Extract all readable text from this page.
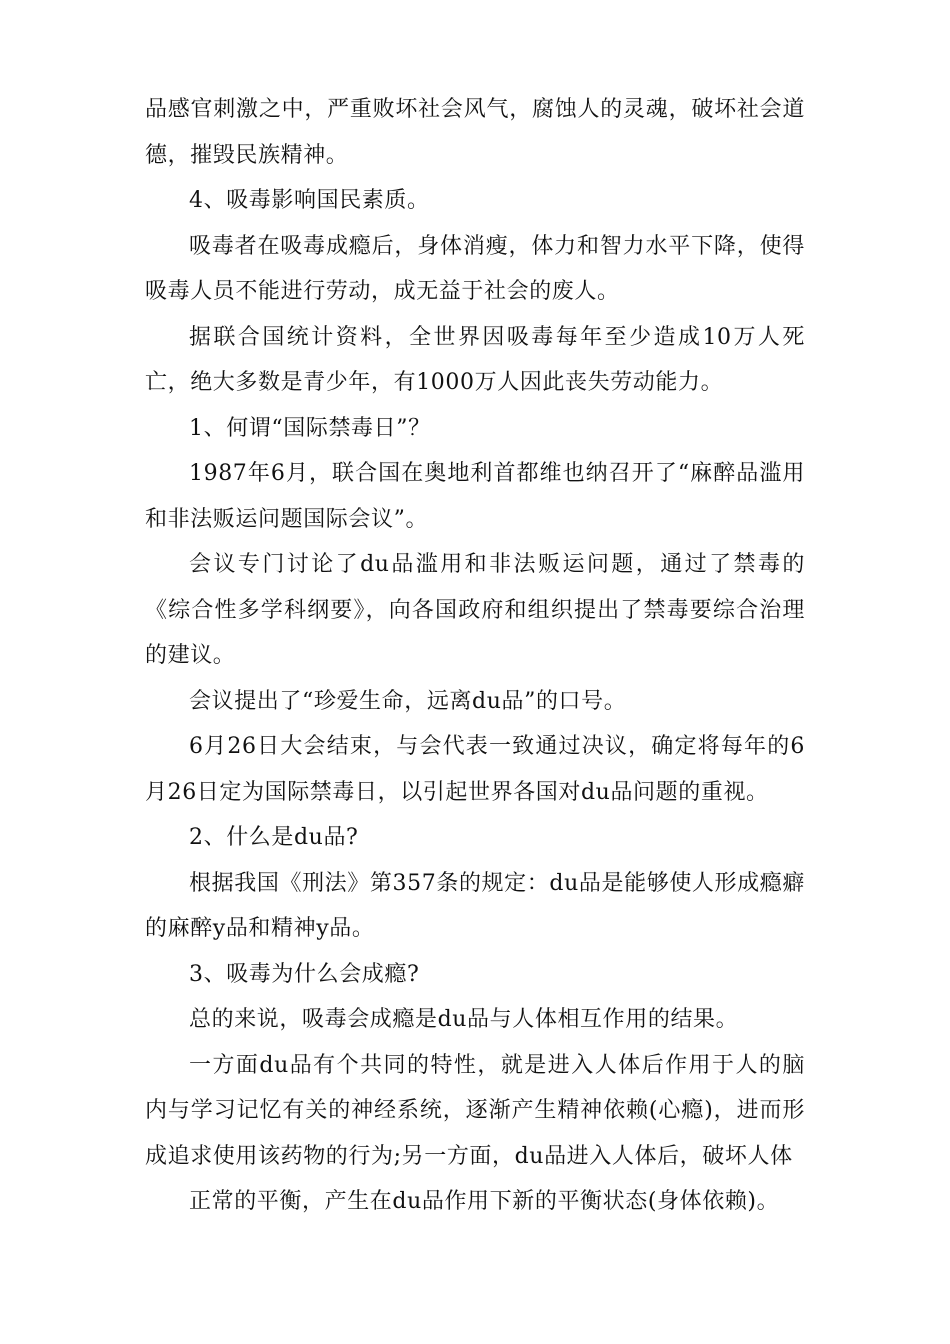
品感官刺激之中，严重败坏社会风气，腐蚀人的灵魂，破坏社会道德，摧毁民族精神。

4、吸毒影响国民素质。

吸毒者在吸毒成瘾后，身体消瘦，体力和智力水平下降，使得吸毒人员不能进行劳动，成无益于社会的废人。

据联合国统计资料，全世界因吸毒每年至少造成10万人死亡，绝大多数是青少年，有1000万人因此丧失劳动能力。

1、何谓“国际禁毒日”？

1987年6月，联合国在奥地利首都维也纳召开了“麻醉品滥用和非法贩运问题国际会议”。

会议专门讨论了du品滥用和非法贩运问题，通过了禁毒的《综合性多学科纲要》，向各国政府和组织提出了禁毒要综合治理的建议。

会议提出了“珍爱生命，远离du品”的口号。

6月26日大会结束，与会代表一致通过决议，确定将每年的6月26日定为国际禁毒日，以引起世界各国对du品问题的重视。

2、什么是du品?

根据我国《刑法》第357条的规定：du品是能够使人形成瘾癖的麻醉y品和精神y品。

3、吸毒为什么会成瘾?

总的来说，吸毒会成瘾是du品与人体相互作用的结果。

一方面du品有个共同的特性，就是进入人体后作用于人的脑内与学习记忆有关的神经系统，逐渐产生精神依赖(心瘾)，进而形成追求使用该药物的行为;另一方面，du品进入人体后，破坏人体

正常的平衡，产生在du品作用下新的平衡状态(身体依赖)。
